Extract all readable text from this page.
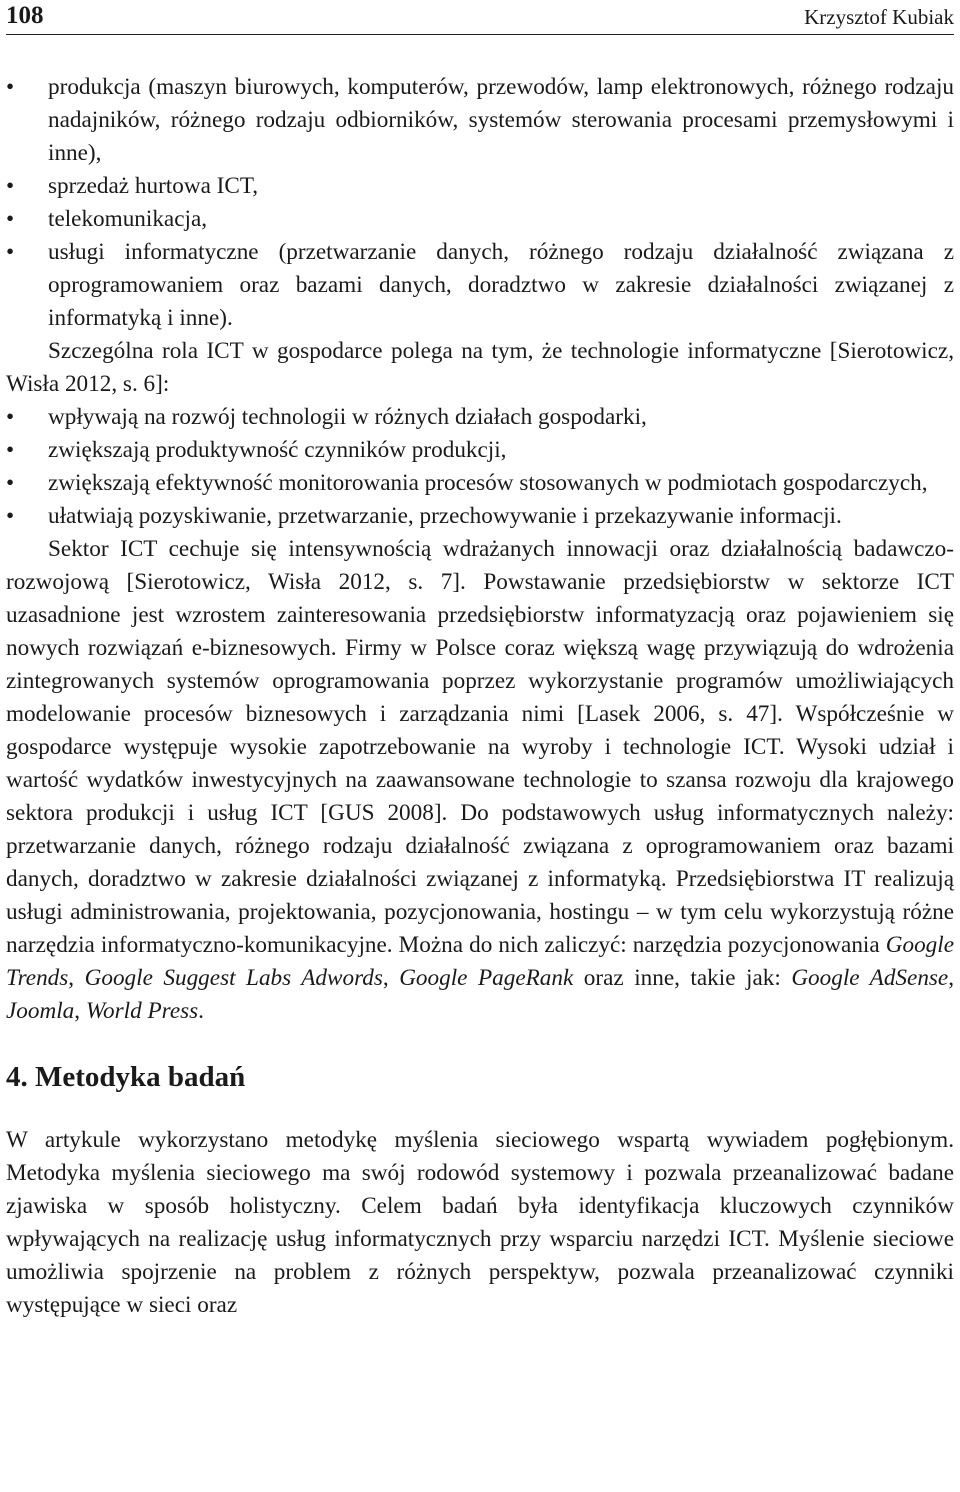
108	Krzysztof Kubiak
• produkcja (maszyn biurowych, komputerów, przewodów, lamp elektronowych, różnego rodzaju nadajników, różnego rodzaju odbiorników, systemów sterowania procesami przemysłowymi i inne),
• sprzedaż hurtowa ICT,
• telekomunikacja,
• usługi informatyczne (przetwarzanie danych, różnego rodzaju działalność związana z oprogramowaniem oraz bazami danych, doradztwo w zakresie działalności związanej z informatyką i inne).

Szczególna rola ICT w gospodarce polega na tym, że technologie informatyczne [Sierotowicz, Wisła 2012, s. 6]:

• wpływają na rozwój technologii w różnych działach gospodarki,
• zwiększają produktywność czynników produkcji,
• zwiększają efektywność monitorowania procesów stosowanych w podmiotach gospodarczych,
• ułatwiają pozyskiwanie, przetwarzanie, przechowywanie i przekazywanie informacji.

Sektor ICT cechuje się intensywnością wdrażanych innowacji oraz działalnością badawczo-rozwojową [Sierotowicz, Wisła 2012, s. 7]. Powstawanie przedsiębiorstw w sektorze ICT uzasadnione jest wzrostem zainteresowania przedsiębiorstw informatyzacją oraz pojawieniem się nowych rozwiązań e-biznesowych. Firmy w Polsce coraz większą wagę przywiązują do wdrożenia zintegrowanych systemów oprogramowania poprzez wykorzystanie programów umożliwiających modelowanie procesów biznesowych i zarządzania nimi [Lasek 2006, s. 47]. Współcześnie w gospodarce występuje wysokie zapotrzebowanie na wyroby i technologie ICT. Wysoki udział i wartość wydatków inwestycyjnych na zaawansowane technologie to szansa rozwoju dla krajowego sektora produkcji i usług ICT [GUS 2008]. Do podstawowych usług informatycznych należy: przetwarzanie danych, różnego rodzaju działalność związana z oprogramowaniem oraz bazami danych, doradztwo w zakresie działalności związanej z informatyką. Przedsiębiorstwa IT realizują usługi administrowania, projektowania, pozycjonowania, hostingu – w tym celu wykorzystują różne narzędzia informatyczno-komunikacyjne. Można do nich zaliczyć: narzędzia pozycjonowania Google Trends, Google Suggest Labs Adwords, Google PageRank oraz inne, takie jak: Google AdSense, Joomla, World Press.

4. Metodyka badań

W artykule wykorzystano metodykę myślenia sieciowego wspartą wywiadem pogłębionym. Metodyka myślenia sieciowego ma swój rodowód systemowy i pozwala przeanalizować badane zjawiska w sposób holistyczny. Celem badań była identyfikacja kluczowych czynników wpływających na realizację usług informatycznych przy wsparciu narzędzi ICT. Myślenie sieciowe umożliwia spojrzenie na problem z różnych perspektyw, pozwala przeanalizować czynniki występujące w sieci oraz
